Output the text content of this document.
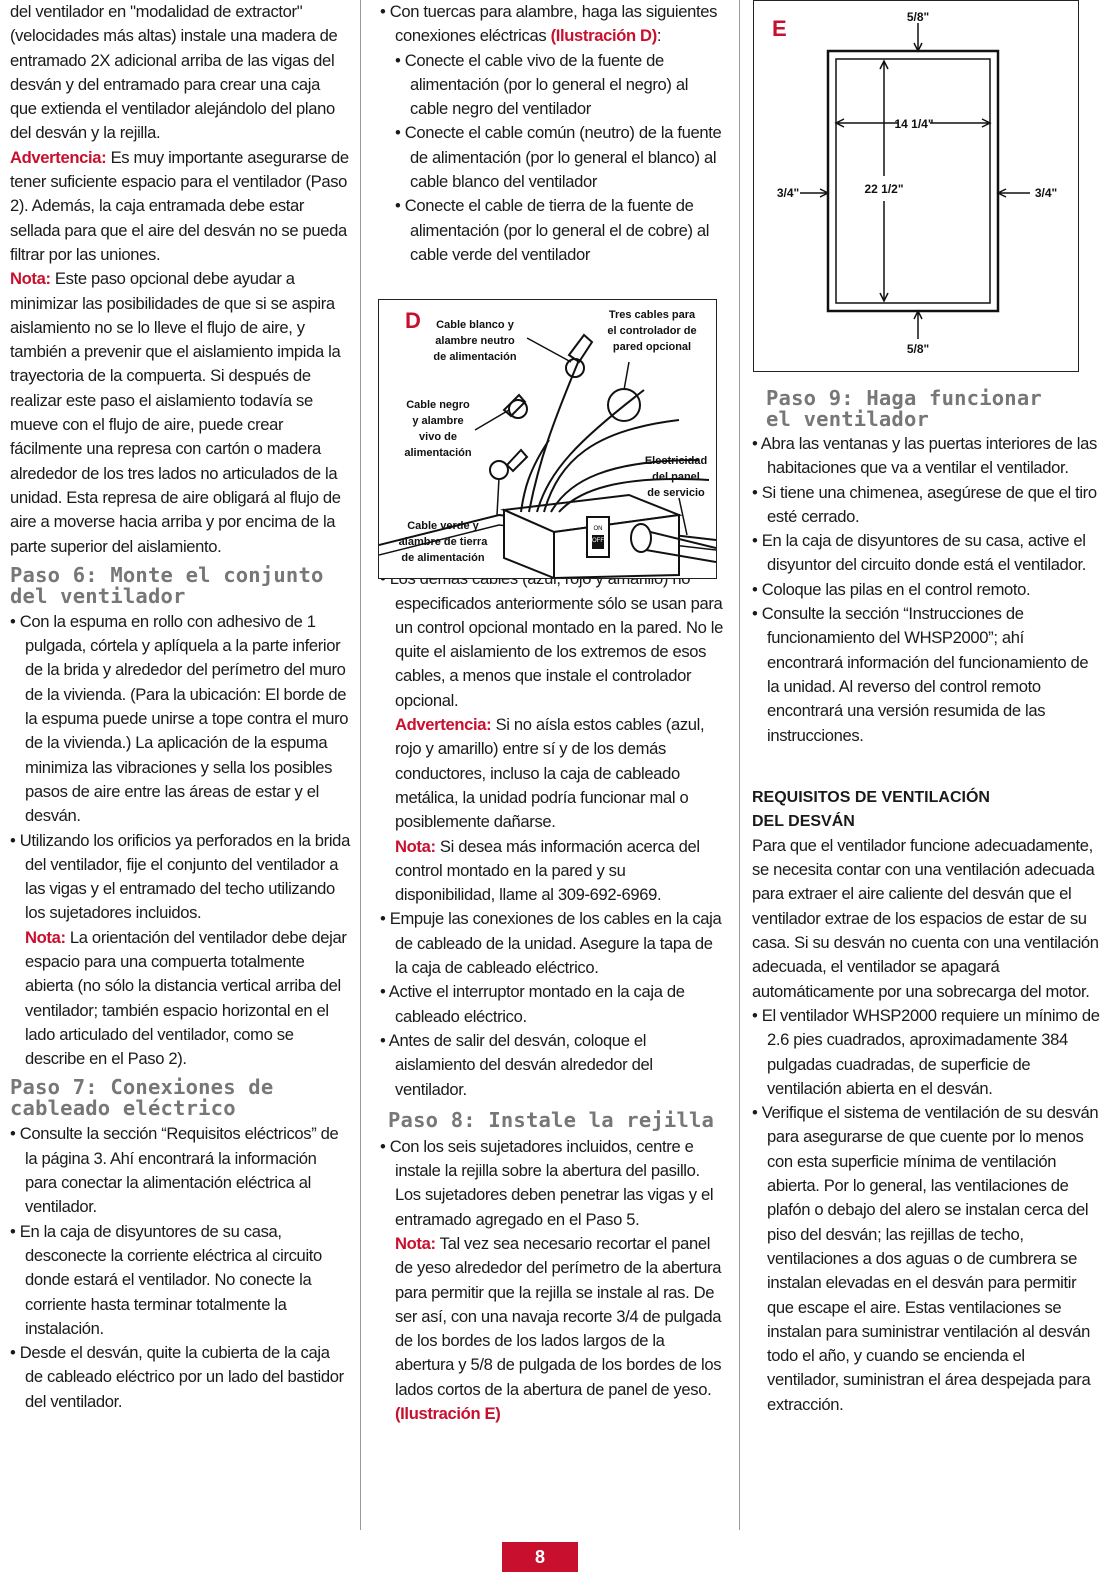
del ventilador en "modalidad de extractor" (velocidades más altas) instale una madera de entramado 2X adicional arriba de las vigas del desván y del entramado para crear una caja que extienda el ventilador alejándolo del plano del desván y la rejilla.

Advertencia: Es muy importante asegurarse de tener suficiente espacio para el ventilador (Paso 2). Además, la caja entramada debe estar sellada para que el aire del desván no se pueda filtrar por las uniones.

Nota: Este paso opcional debe ayudar a minimizar las posibilidades de que si se aspira aislamiento no se lo lleve el flujo de aire, y también a prevenir que el aislamiento impida la trayectoria de la compuerta. Si después de realizar este paso el aislamiento todavía se mueve con el flujo de aire, puede crear fácilmente una represa con cartón o madera alrededor de los tres lados no articulados de la unidad. Esta represa de aire obligará al flujo de aire a moverse hacia arriba y por encima de la parte superior del aislamiento.

Paso 6: Monte el conjunto
del ventilador

• Con la espuma en rollo con adhesivo de 1 pulgada, córtela y aplíquela a la parte inferior de la brida y alrededor del perímetro del muro de la vivienda. (Para la ubicación: El borde de la espuma puede unirse a tope contra el muro de la vivienda.) La aplicación de la espuma minimiza las vibraciones y sella los posibles pasos de aire entre las áreas de estar y el desván.

• Utilizando los orificios ya perforados en la brida del ventilador, fije el conjunto del ventilador a las vigas y el entramado del techo utilizando los sujetadores incluidos.

Nota: La orientación del ventilador debe dejar espacio para una compuerta totalmente abierta (no sólo la distancia vertical arriba del ventilador; también espacio horizontal en el lado articulado del ventilador, como se describe en el Paso 2).

Paso 7: Conexiones de
cableado eléctrico

• Consulte la sección “Requisitos eléctricos” de la página 3. Ahí encontrará la información para conectar la alimentación eléctrica al ventilador.

• En la caja de disyuntores de su casa, desconecte la corriente eléctrica al circuito donde estará el ventilador. No conecte la corriente hasta terminar totalmente la instalación.

• Desde el desván, quite la cubierta de la caja de cableado eléctrico por un lado del bastidor del ventilador.

• Con tuercas para alambre, haga las siguientes conexiones eléctricas (Ilustración D):

• Conecte el cable vivo de la fuente de alimentación (por lo general el negro) al cable negro del ventilador

• Conecte el cable común (neutro) de la fuente de alimentación (por lo general el blanco) al cable blanco del ventilador

• Conecte el cable de tierra de la fuente de alimentación (por lo general el de cobre) al cable verde del ventilador

especificados anteriormente sólo se usan para un control opcional montado en la pared. No le quite el aislamiento de los extremos de esos cables, a menos que instale el controlador opcional.

Advertencia: Si no aísla estos cables (azul, rojo y amarillo) entre sí y de los demás conductores, incluso la caja de cableado metálica, la unidad podría funcionar mal o posiblemente dañarse.

Nota: Si desea más información acerca del control montado en la pared y su disponibilidad, llame al 309-692-6969.

• Empuje las conexiones de los cables en la caja de cableado de la unidad. Asegure la tapa de la caja de cableado eléctrico.

• Active el interruptor montado en la caja de cableado eléctrico.

• Antes de salir del desván, coloque el aislamiento del desván alrededor del ventilador.

Paso 8: Instale la rejilla

• Con los seis sujetadores incluidos, centre e instale la rejilla sobre la abertura del pasillo. Los sujetadores deben penetrar las vigas y el entramado agregado en el Paso 5.

Nota: Tal vez sea necesario recortar el panel de yeso alrededor del perímetro de la abertura para permitir que la rejilla se instale al ras. De ser así, con una navaja recorte 3/4 de pulgada de los bordes de los lados largos de la abertura y 5/8 de pulgada de los bordes de los lados cortos de la abertura de panel de yeso. (Ilustración E)

ON
OFF
D Cable blanco y
alambre neutro
de alimentación
Tres cables para
el controlador de
pared opcional
Cable negro
y alambre
vivo de
alimentación
Electricidad
del panel
de servicio
Cable verde y
alambre de tierra
de alimentación
E	5/8"
5/8"
3/4"	3/4"
14 1/4"
22 1/2"
Paso 9: Haga funcionar
el ventilador

• Abra las ventanas y las puertas interiores de las habitaciones que va a ventilar el ventilador.

• Si tiene una chimenea, asegúrese de que el tiro esté cerrado.

• En la caja de disyuntores de su casa, active el disyuntor del circuito donde está el ventilador.

• Coloque las pilas en el control remoto.

• Consulte la sección “Instrucciones de funcionamiento del WHSP2000”; ahí encontrará información del funcionamiento de la unidad. Al reverso del control remoto encontrará una versión resumida de las instrucciones.

REQUISITOS DE VENTILACIÓN
DEL DESVÁN

Para que el ventilador funcione adecuadamente, se necesita contar con una ventilación adecuada para extraer el aire caliente del desván que el ventilador extrae de los espacios de estar de su casa. Si su desván no cuenta con una ventilación adecuada, el ventilador se apagará automáticamente por una sobrecarga del motor.

• El ventilador WHSP2000 requiere un mínimo de 2.6 pies cuadrados, aproximadamente 384 pulgadas cuadradas, de superficie de ventilación abierta en el desván.

• Verifique el sistema de ventilación de su desván para asegurarse de que cuente por lo menos con esta superficie mínima de ventilación abierta. Por lo general, las ventilaciones de plafón o debajo del alero se instalan cerca del piso del desván; las rejillas de techo, ventilaciones a dos aguas o de cumbrera se instalan elevadas en el desván para permitir que escape el aire. Estas ventilaciones se instalan para suministrar ventilación al desván todo el año, y cuando se encienda el ventilador, suministran el área despejada para extracción.

8
